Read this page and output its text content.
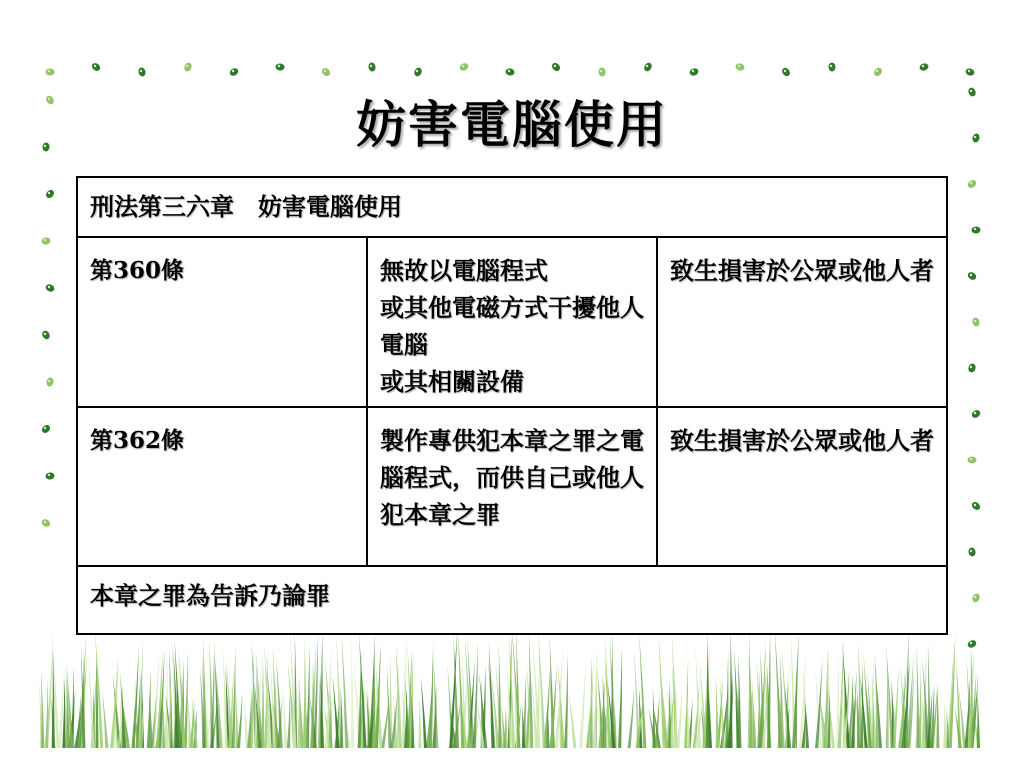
妨害電腦使用
刑法第三六章　妨害電腦使用		
第360條	無故以電腦程式
或其他電磁方式干擾他人電腦
或其相關設備	致生損害於公眾或他人者
第362條	製作專供犯本章之罪之電腦程式，而供自己或他人犯本章之罪	致生損害於公眾或他人者
本章之罪為告訴乃論罪		
